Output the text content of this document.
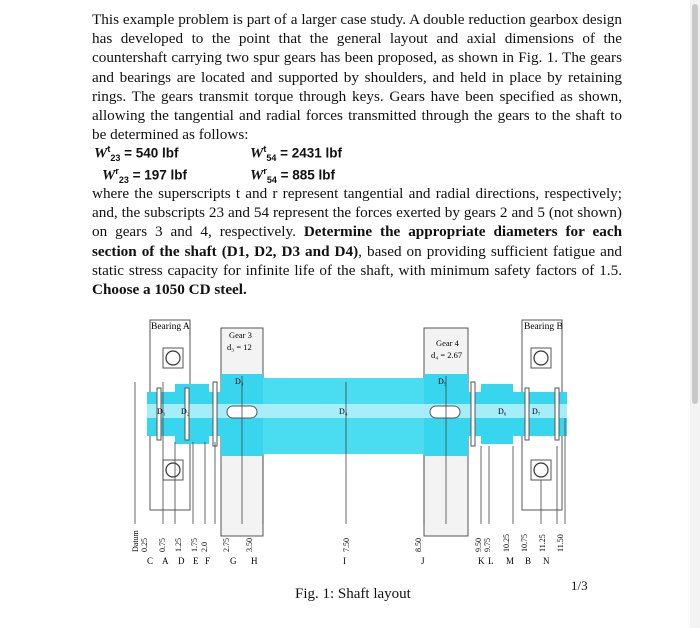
This example problem is part of a larger case study. A double reduction gearbox design has developed to the point that the general layout and axial dimensions of the countershaft carrying two spur gears has been proposed, as shown in Fig. 1. The gears and bearings are located and supported by shoulders, and held in place by retaining rings. The gears transmit torque through keys. Gears have been specified as shown, allowing the tangential and radial forces transmitted through the gears to the shaft to be determined as follows:

$W^t_{23} = 540$ lbf	$W^t_{54} = 2431$ lbf
$W^r_{23} = 197$ lbf	$W^r_{54} = 885$ lbf

where the superscripts t and r represent tangential and radial directions, respectively; and, the subscripts 23 and 54 represent the forces exerted by gears 2 and 5 (not shown) on gears 3 and 4, respectively. Determine the appropriate diameters for each section of the shaft (D1, D2, D3 and D4), based on providing sufficient fatigue and static stress capacity for infinite life of the shaft, with minimum safety factors of 1.5. Choose a 1050 CD steel.

Bearing A	Bearing B
Gear 3
d₃ = 12	Gear 4
d₄ = 2.67
D₁ D₂
D₃
D₄
D₅
D₆	D₇
Datum 0.25 0.75 1.25 1.75 2.0 2.75 3.50	7.50	8.50	9.50 9.75 10.25 10.75 11.25 11.50
C A D E F G H	I	J	K L M B N
Fig. 1: Shaft layout
1/3
